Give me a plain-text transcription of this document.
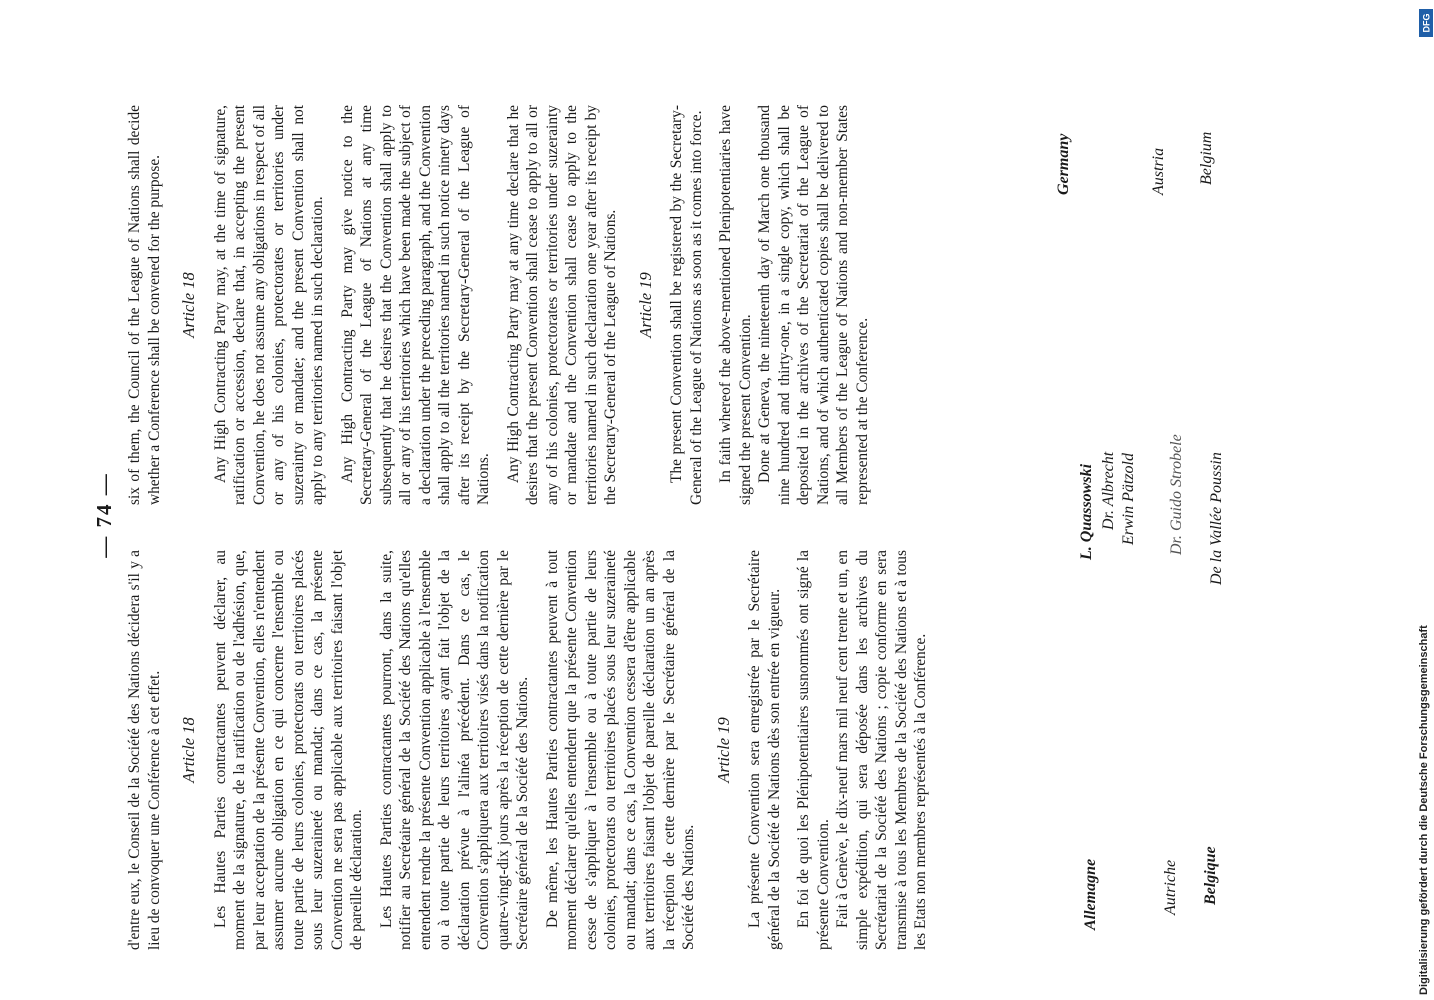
— 74 —

d'entre eux, le Conseil de la Société des Nations décidera s'il y a lieu de convoquer une Conférence à cet effet. Article 18 Les Hautes Parties contractantes peuvent déclarer, au moment de la signature, de la ratification ou de l'adhésion, que, par leur acceptation de la présente Convention, elles n'entendent assumer aucune obligation en ce qui concerne l'ensemble ou toute partie de leurs colonies, protectorats ou territoires placés sous leur suzeraineté ou mandat; dans ce cas, la présente Convention ne sera pas applicable aux territoires faisant l'objet de pareille déclaration. Les Hautes Parties contractantes pourront, dans la suite, notifier au Secrétaire général de la Société des Nations qu'elles entendent rendre la présente Convention applicable à l'ensemble ou à toute partie de leurs territoires ayant fait l'objet de la déclaration prévue à l'alinéa précédent. Dans ce cas, le Convention s'appliquera aux territoires visés dans la notification quatre-vingt-dix jours après la réception de cette dernière par le Secrétaire général de la Société des Nations. De même, les Hautes Parties contractantes peuvent à tout moment déclarer qu'elles entendent que la présente Convention cesse de s'appliquer à l'ensemble ou à toute partie de leurs colonies, protectorats ou territoires placés sous leur suzeraineté ou mandat; dans ce cas, la Convention cessera d'être applicable aux territoires faisant l'objet de pareille déclaration un an après la réception de cette dernière par le Secrétaire général de la Société des Nations.

Article 19 La présente Convention sera enregistrée par le Secrétaire général de la Société de Nations dès son entrée en vigueur. En foi de quoi les Plénipotentiaires susnommés ont signé la présente Convention. Fait à Genève, le dix-neuf mars mil neuf cent trente et un, en simple expédition, qui sera déposée dans les archives du Secrétariat de la Société des Nations ; copie conforme en sera transmise à tous les Membres de la Société des Nations et à tous les Etats non membres représentés à la Conférence.

six of them, the Council of the League of Nations shall decide whether a Conference shall be convened for the purpose. Article 18 Any High Contracting Party may, at the time of signature, ratification or accession, declare that, in accepting the present Convention, he does not assume any obligations in respect of all or any of his colonies, protectorates or territories under suzerainty or mandate; and the present Convention shall not apply to any territories named in such declaration. Any High Contracting Party may give notice to the Secretary-General of the League of Nations at any time subsequently that he desires that the Convention shall apply to all or any of his territories which have been made the subject of a declaration under the preceding paragraph, and the Convention shall apply to all the territories named in such notice ninety days after its receipt by the Secretary-General of the League of Nations. Any High Contracting Party may at any time declare that he desires that the present Convention shall cease to apply to all or any of his colonies, protectorates or territories under suzerainty or mandate and the Convention shall cease to apply to the territories named in such declaration one year after its receipt by the Secretary-General of the League of Nations. Article 19 The present Convention shall be registered by the Secretary-General of the League of Nations as soon as it comes into force. In faith whereof the above-mentioned Plenipotentiaries have signed the present Convention. Done at Geneva, the nineteenth day of March one thousand nine hundred and thirty-one, in a single copy, which shall be deposited in the archives of the Secretariat of the League of Nations, and of which authenticated copies shall be delivered to all Members of the League of Nations and non-member States represented at the Conference.

Allemagne
Germany
L. Quassowski Dr. Albrecht Erwin Pätzold
Autriche
Dr. Guido Strobele
Austria
Belgique
De la Vallée Poussin
Belgium
Digitalisierung gefördert durch die Deutsche Forschungsgemeinschaft
DFG
